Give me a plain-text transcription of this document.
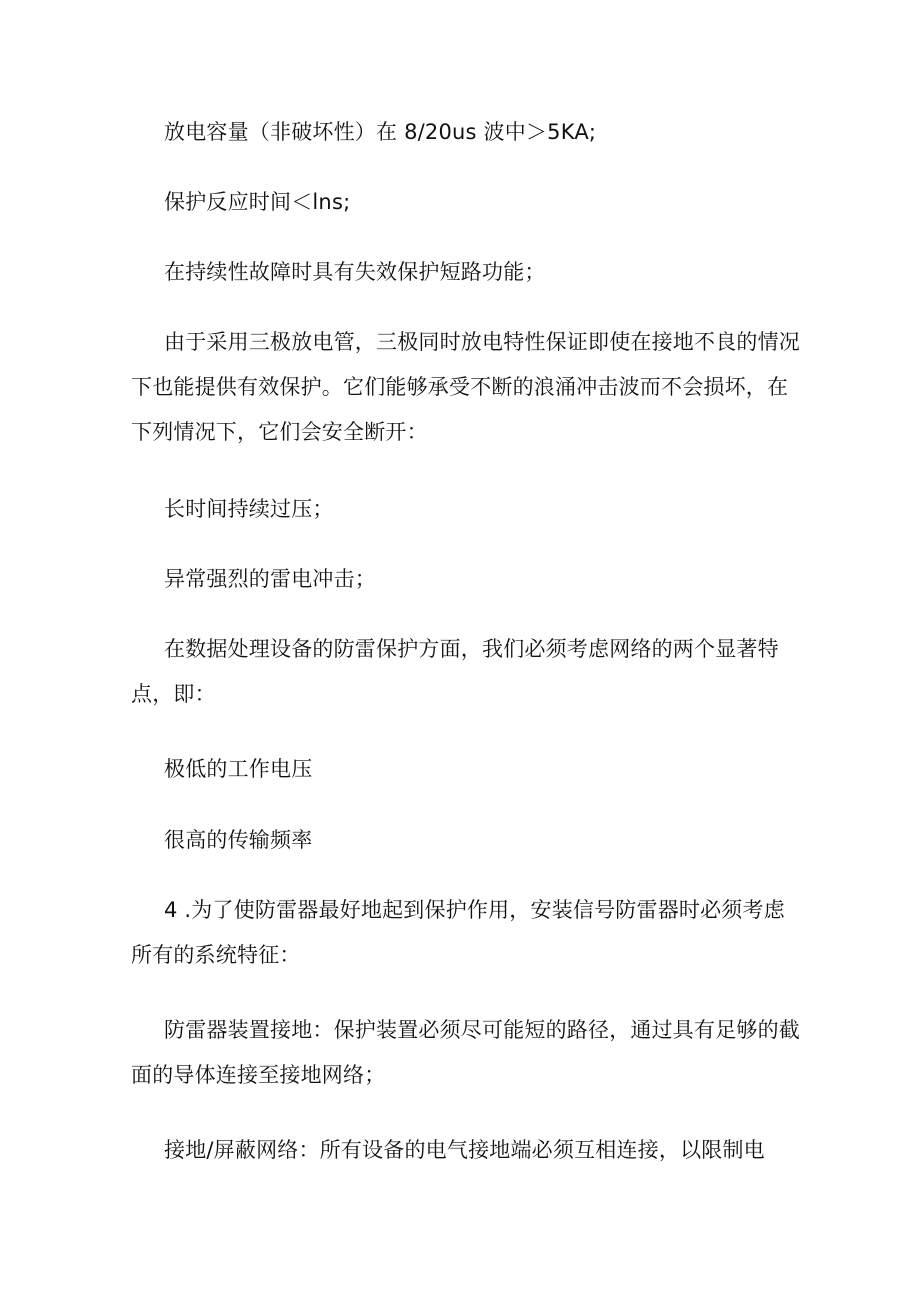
放电容量（非破坏性）在 8/20us 波中＞5KA;

保护反应时间＜lns;

在持续性故障时具有失效保护短路功能；

由于采用三极放电管，三极同时放电特性保证即使在接地不良的情况下也能提供有效保护。它们能够承受不断的浪涌冲击波而不会损坏，在下列情况下，它们会安全断开：

长时间持续过压；

异常强烈的雷电冲击；

在数据处理设备的防雷保护方面，我们必须考虑网络的两个显著特点，即：

极低的工作电压

很高的传输频率

4 .为了使防雷器最好地起到保护作用，安装信号防雷器时必须考虑所有的系统特征：

防雷器装置接地：保护装置必须尽可能短的路径，通过具有足够的截面的导体连接至接地网络；

接地/屏蔽网络：所有设备的电气接地端必须互相连接，以限制电
